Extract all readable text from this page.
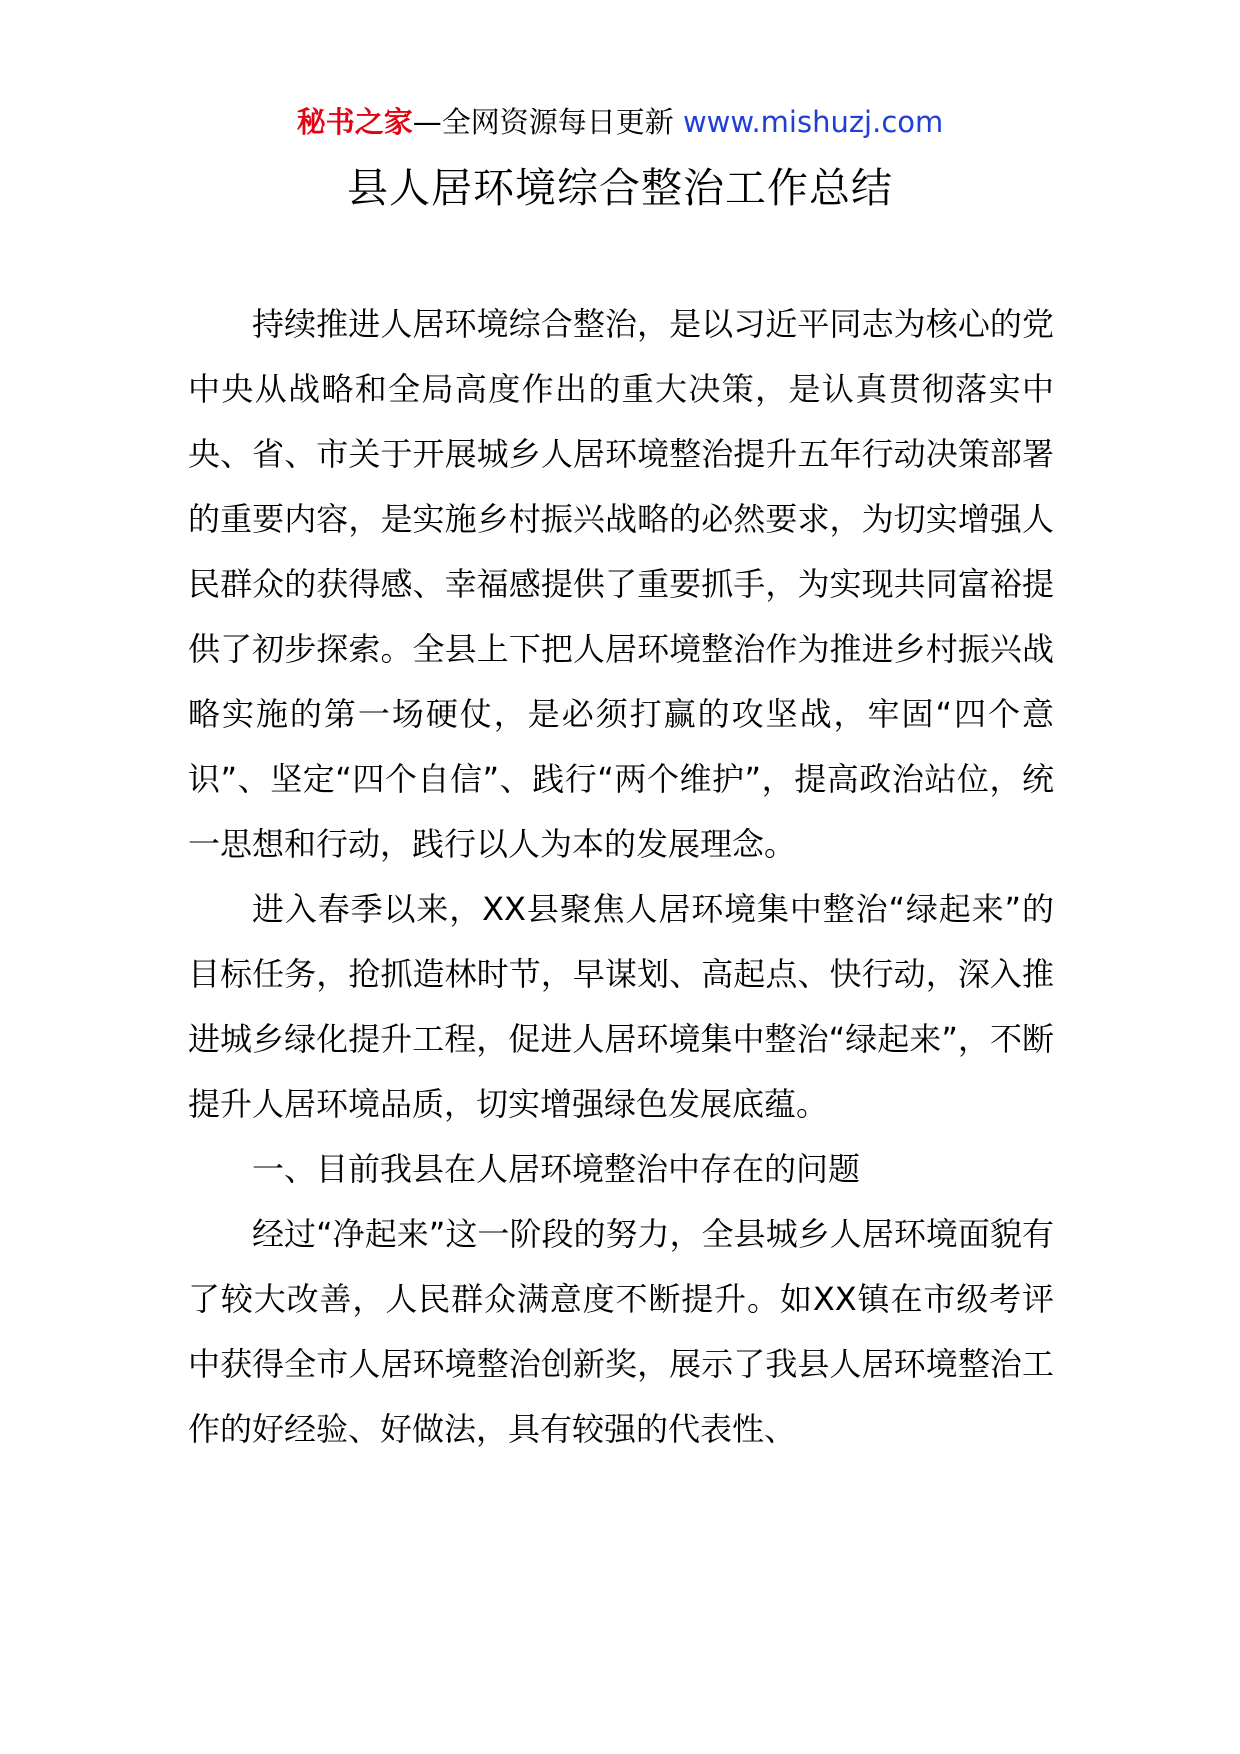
秘书之家—全网资源每日更新 www.mishuzj.com
县人居环境综合整治工作总结

持续推进人居环境综合整治，是以习近平同志为核心的党中央从战略和全局高度作出的重大决策，是认真贯彻落实中央、省、市关于开展城乡人居环境整治提升五年行动决策部署的重要内容，是实施乡村振兴战略的必然要求，为切实增强人民群众的获得感、幸福感提供了重要抓手，为实现共同富裕提供了初步探索。全县上下把人居环境整治作为推进乡村振兴战略实施的第一场硬仗，是必须打赢的攻坚战，牢固“四个意识”、坚定“四个自信”、践行“两个维护”，提高政治站位，统一思想和行动，践行以人为本的发展理念。

进入春季以来，XX县聚焦人居环境集中整治“绿起来”的目标任务，抢抓造林时节，早谋划、高起点、快行动，深入推进城乡绿化提升工程，促进人居环境集中整治“绿起来”，不断提升人居环境品质，切实增强绿色发展底蕴。

一、目前我县在人居环境整治中存在的问题

经过“净起来”这一阶段的努力，全县城乡人居环境面貌有了较大改善，人民群众满意度不断提升。如XX镇在市级考评中获得全市人居环境整治创新奖，展示了我县人居环境整治工作的好经验、好做法，具有较强的代表性、
